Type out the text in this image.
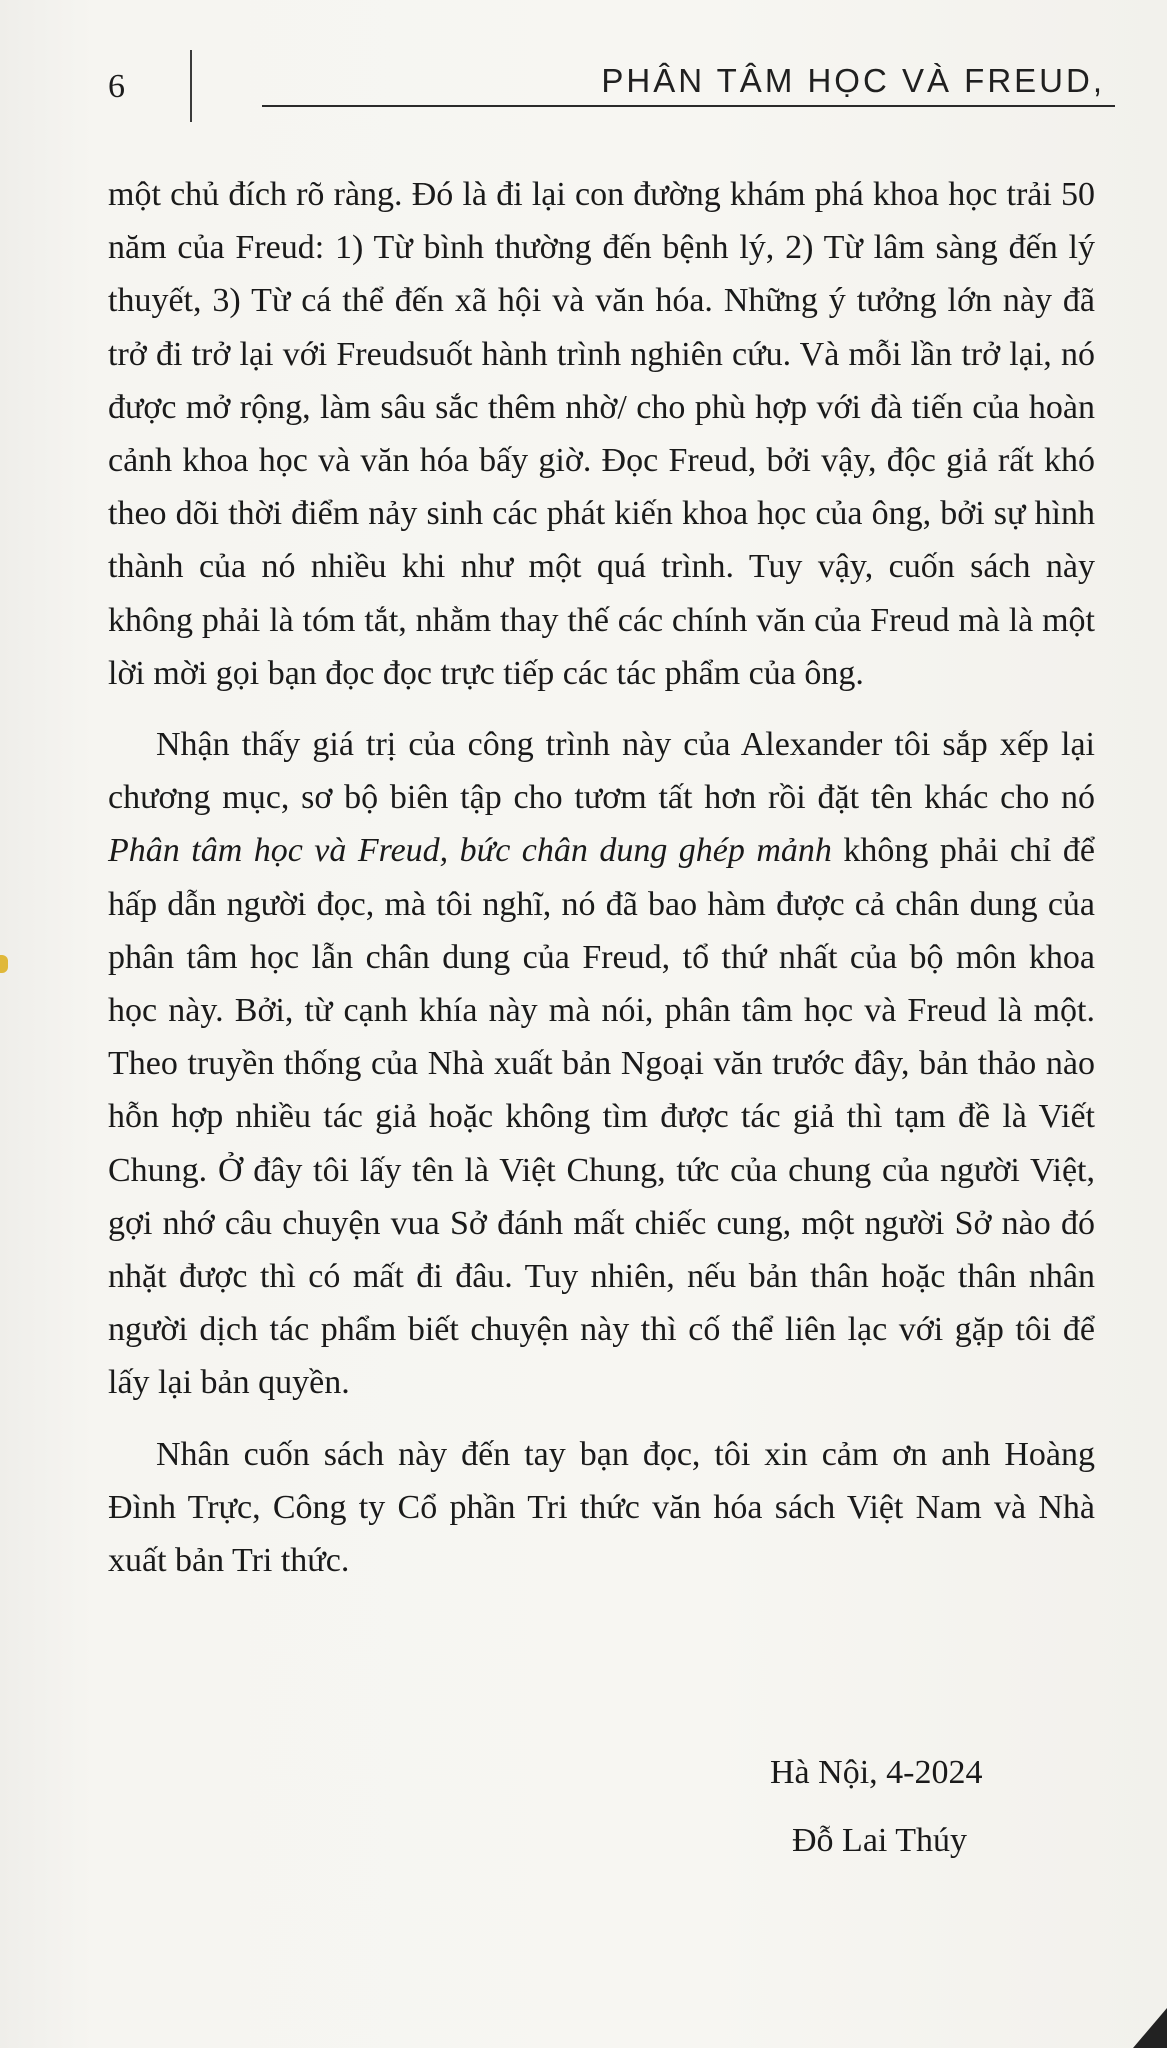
6	PHÂN TÂM HỌC VÀ FREUD,

một chủ đích rõ ràng. Đó là đi lại con đường khám phá khoa học trải 50 năm của Freud: 1) Từ bình thường đến bệnh lý, 2) Từ lâm sàng đến lý thuyết, 3) Từ cá thể đến xã hội và văn hóa. Những ý tưởng lớn này đã trở đi trở lại với Freudsuốt hành trình nghiên cứu. Và mỗi lần trở lại, nó được mở rộng, làm sâu sắc thêm nhờ/ cho phù hợp với đà tiến của hoàn cảnh khoa học và văn hóa bấy giờ. Đọc Freud, bởi vậy, độc giả rất khó theo dõi thời điểm nảy sinh các phát kiến khoa học của ông, bởi sự hình thành của nó nhiều khi như một quá trình. Tuy vậy, cuốn sách này không phải là tóm tắt, nhằm thay thế các chính văn của Freud mà là một lời mời gọi bạn đọc đọc trực tiếp các tác phẩm của ông.

Nhận thấy giá trị của công trình này của Alexander tôi sắp xếp lại chương mục, sơ bộ biên tập cho tươm tất hơn rồi đặt tên khác cho nó Phân tâm học và Freud, bức chân dung ghép mảnh không phải chỉ để hấp dẫn người đọc, mà tôi nghĩ, nó đã bao hàm được cả chân dung của phân tâm học lẫn chân dung của Freud, tổ thứ nhất của bộ môn khoa học này. Bởi, từ cạnh khía này mà nói, phân tâm học và Freud là một. Theo truyền thống của Nhà xuất bản Ngoại văn trước đây, bản thảo nào hỗn hợp nhiều tác giả hoặc không tìm được tác giả thì tạm đề là Viết Chung. Ở đây tôi lấy tên là Việt Chung, tức của chung của người Việt, gợi nhớ câu chuyện vua Sở đánh mất chiếc cung, một người Sở nào đó nhặt được thì có mất đi đâu. Tuy nhiên, nếu bản thân hoặc thân nhân người dịch tác phẩm biết chuyện này thì cố thể liên lạc với gặp tôi để lấy lại bản quyền.

Nhân cuốn sách này đến tay bạn đọc, tôi xin cảm ơn anh Hoàng Đình Trực, Công ty Cổ phần Tri thức văn hóa sách Việt Nam và Nhà xuất bản Tri thức.

Hà Nội, 4-2024
Đỗ Lai Thúy
